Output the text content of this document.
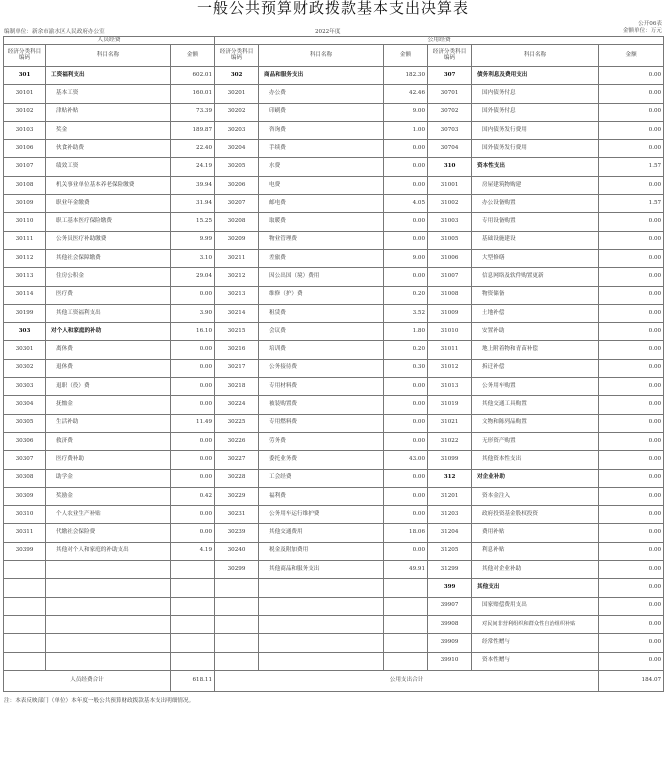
一般公共预算财政拨款基本支出决算表
公开06表
金额单位：万元
编制单位：新余市渝水区人民政府办公室	2022年度
人员经费			公用经费					
经济分类科目编码	科目名称	金额	经济分类科目编码	科目名称	金额	经济分类科目编码	科目名称	金额
301	工资福利支出	602.01	302	商品和服务支出	182.30	307	债务利息及费用支出	0.00
30101	基本工资	160.01	30201	办公费	42.46	30701	国内债务付息	0.00
30102	津贴补贴	73.39	30202	印刷费	9.00	30702	国外债务付息	0.00
30103	奖金	189.87	30203	咨询费	1.00	30703	国内债务发行费用	0.00
30106	伙食补助费	22.40	30204	手续费	0.00	30704	国外债务发行费用	0.00
30107	绩效工资	24.19	30205	水费	0.00	310	资本性支出	1.57
30108	机关事业单位基本养老保险缴费	39.94	30206	电费	0.00	31001	房屋建筑物购建	0.00
30109	职业年金缴费	31.94	30207	邮电费	4.05	31002	办公设备购置	1.57
30110	职工基本医疗保险缴费	15.25	30208	取暖费	0.00	31003	专用设备购置	0.00
30111	公务员医疗补助缴费	9.99	30209	物业管理费	0.00	31005	基础设施建设	0.00
30112	其他社会保障缴费	3.10	30211	差旅费	9.00	31006	大型修缮	0.00
30113	住房公积金	29.04	30212	因公出国（境）费用	0.00	31007	信息网络及软件购置更新	0.00
30114	医疗费	0.00	30213	维修（护）费	0.20	31008	物资储备	0.00
30199	其他工资福利支出	3.90	30214	租赁费	3.52	31009	土地补偿	0.00
303	对个人和家庭的补助	16.10	30215	会议费	1.80	31010	安置补助	0.00
30301	离休费	0.00	30216	培训费	0.20	31011	地上附着物和青苗补偿	0.00
30302	退休费	0.00	30217	公务接待费	0.30	31012	拆迁补偿	0.00
30303	退职（役）费	0.00	30218	专用材料费	0.00	31013	公务用车购置	0.00
30304	抚恤金	0.00	30224	被装购置费	0.00	31019	其他交通工具购置	0.00
30305	生活补助	11.49	30225	专用燃料费	0.00	31021	文物和陈列品购置	0.00
30306	救济费	0.00	30226	劳务费	0.00	31022	无形资产购置	0.00
30307	医疗费补助	0.00	30227	委托业务费	43.00	31099	其他资本性支出	0.00
30308	助学金	0.00	30228	工会经费	0.00	312	对企业补助	0.00
30309	奖励金	0.42	30229	福利费	0.00	31201	资本金注入	0.00
30310	个人农业生产补贴	0.00	30231	公务用车运行维护费	0.00	31203	政府投资基金股权投资	0.00
30311	代缴社会保险费	0.00	30239	其他交通费用	18.06	31204	费用补贴	0.00
30399	其他对个人和家庭的补助支出	4.19	30240	税金及附加费用	0.00	31205	利息补贴	0.00
			30299	其他商品和服务支出	49.91	31299	其他对企业补助	0.00
						399	其他支出	0.00
						39907	国家赔偿费用支出	0.00
						39908	对民间非营利组织和群众性自治组织补贴	0.00
						39909	经常性赠与	0.00
						39910	资本性赠与	0.00
人员经费合计		618.11	公用支出合计					184.07
注：本表反映部门（单位）本年度一般公共预算财政拨款基本支出明细情况。
